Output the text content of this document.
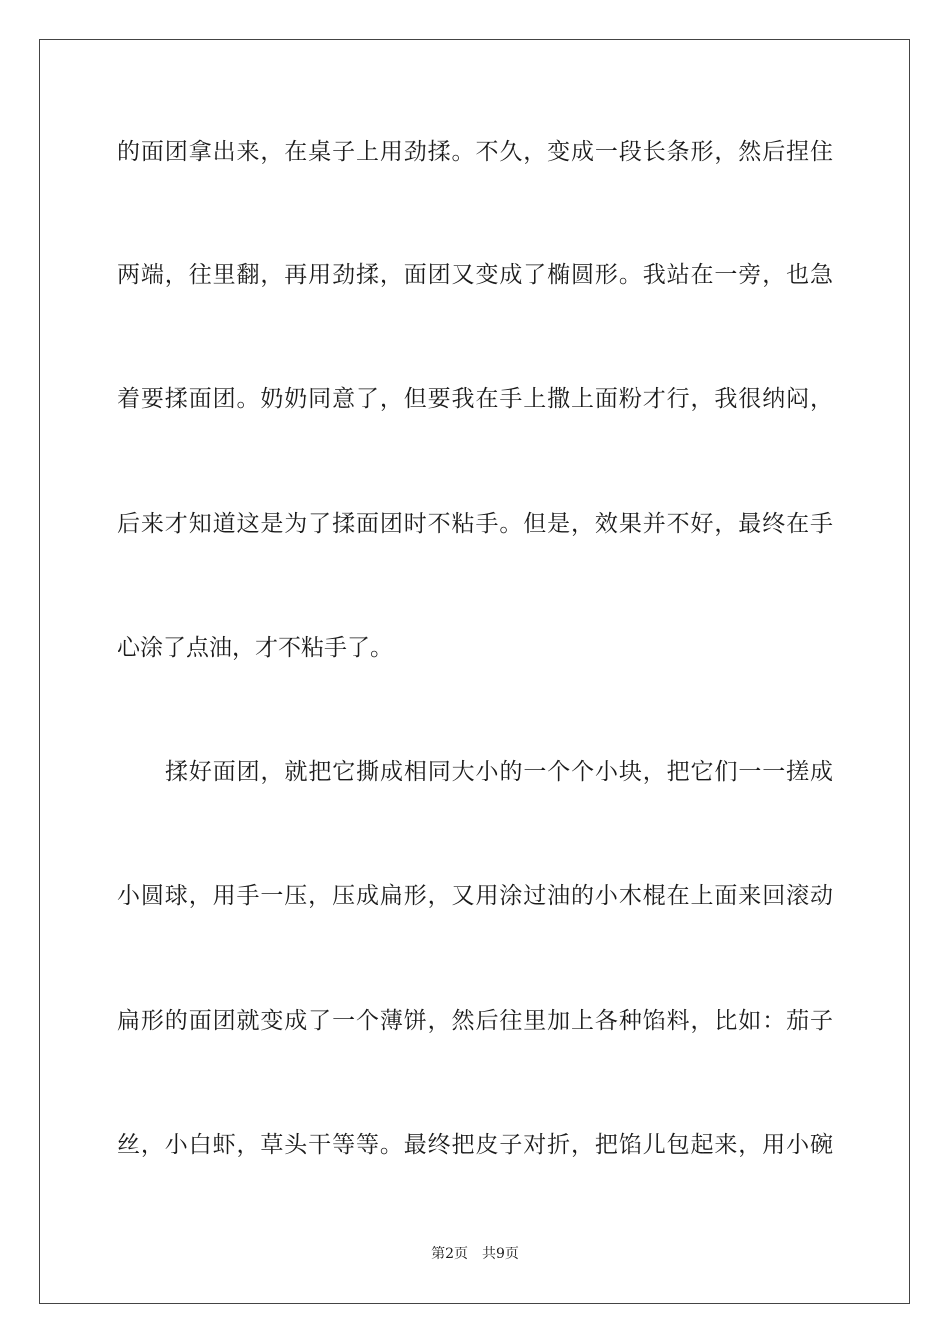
的面团拿出来，在桌子上用劲揉。不久，变成一段长条形，然后捏住
两端，往里翻，再用劲揉，面团又变成了椭圆形。我站在一旁，也急
着要揉面团。奶奶同意了，但要我在手上撒上面粉才行，我很纳闷，
后来才知道这是为了揉面团时不粘手。但是，效果并不好，最终在手
心涂了点油，才不粘手了。
揉好面团，就把它撕成相同大小的一个个小块，把它们一一搓成
小圆球，用手一压，压成扁形，又用涂过油的小木棍在上面来回滚动
扁形的面团就变成了一个薄饼，然后往里加上各种馅料，比如：茄子
丝，小白虾，草头干等等。最终把皮子对折，把馅儿包起来，用小碗
第2页 共9页
